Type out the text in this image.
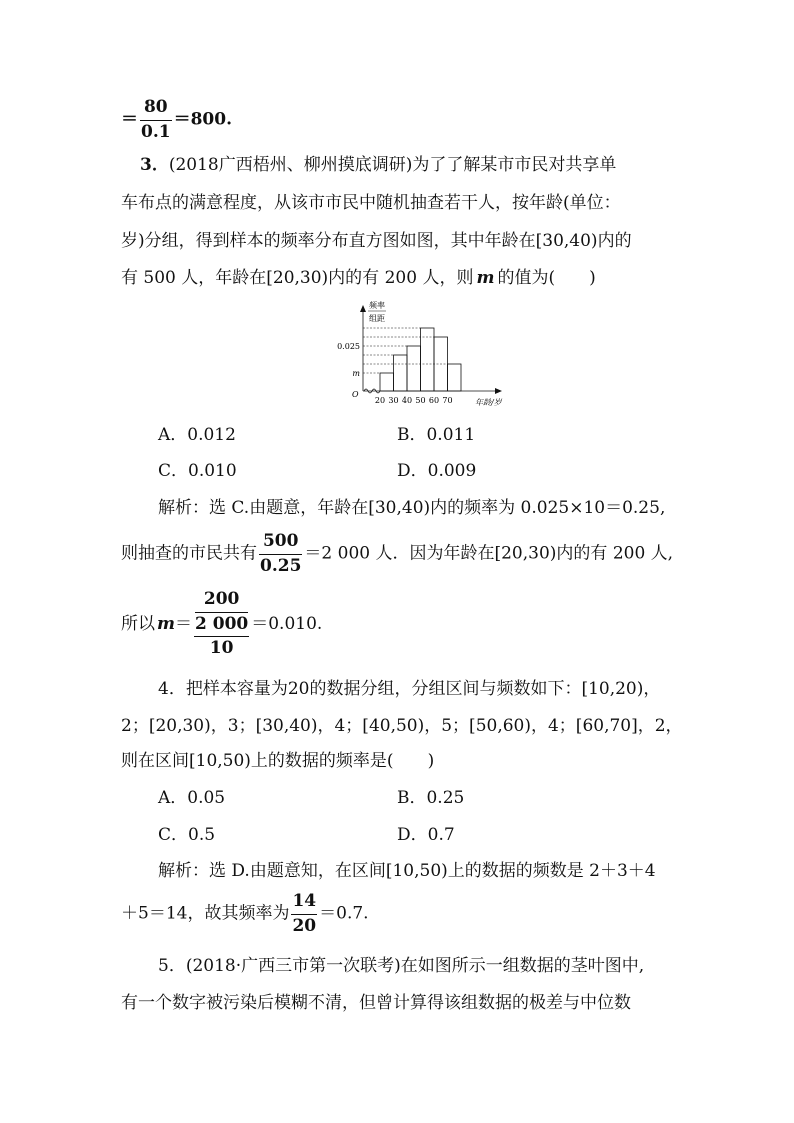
＝ $\frac{80}{0.1} =800$.
3．(2018广西梧州、柳州摸底调研)为了了解某市市民对共享单
车布点的满意程度，从该市市民中随机抽查若干人，按年龄(单位：
岁)分组，得到样本的频率分布直方图如图，其中年龄在[30,40)内的
有 500 人，年龄在[20,30)内的有 200 人，则 m 的值为(　　)
频率
组距
年龄/岁
O
0.025
m
20 30 40 50 60 70
A．0.012	B．0.011
C．0.010	D．0.009
解析：选 C.由题意，年龄在[30,40)内的频率为 0.025×10＝0.25,
则抽查的市民共有 $\frac{500}{0.25} =2$ 000 人．因为年龄在[20,30)内的有 200 人,
所以 m＝ 200
2 000
10 ＝0.010.
4．把样本容量为20的数据分组，分组区间与频数如下：[10,20)，
2；[20,30)，3；[30,40)，4；[40,50)，5；[50,60)，4；[60,70]，2，
则在区间[10,50)上的数据的频率是(　　)
A．0.05	B．0.25
C．0.5	D．0.7
解析：选 D.由题意知，在区间[10,50)上的数据的频数是 2＋3＋4
＋5＝14，故其频率为 $\frac{14}{20} =0.7$.
5．(2018·广西三市第一次联考)在如图所示一组数据的茎叶图中,
有一个数字被污染后模糊不清，但曾计算得该组数据的极差与中位数
